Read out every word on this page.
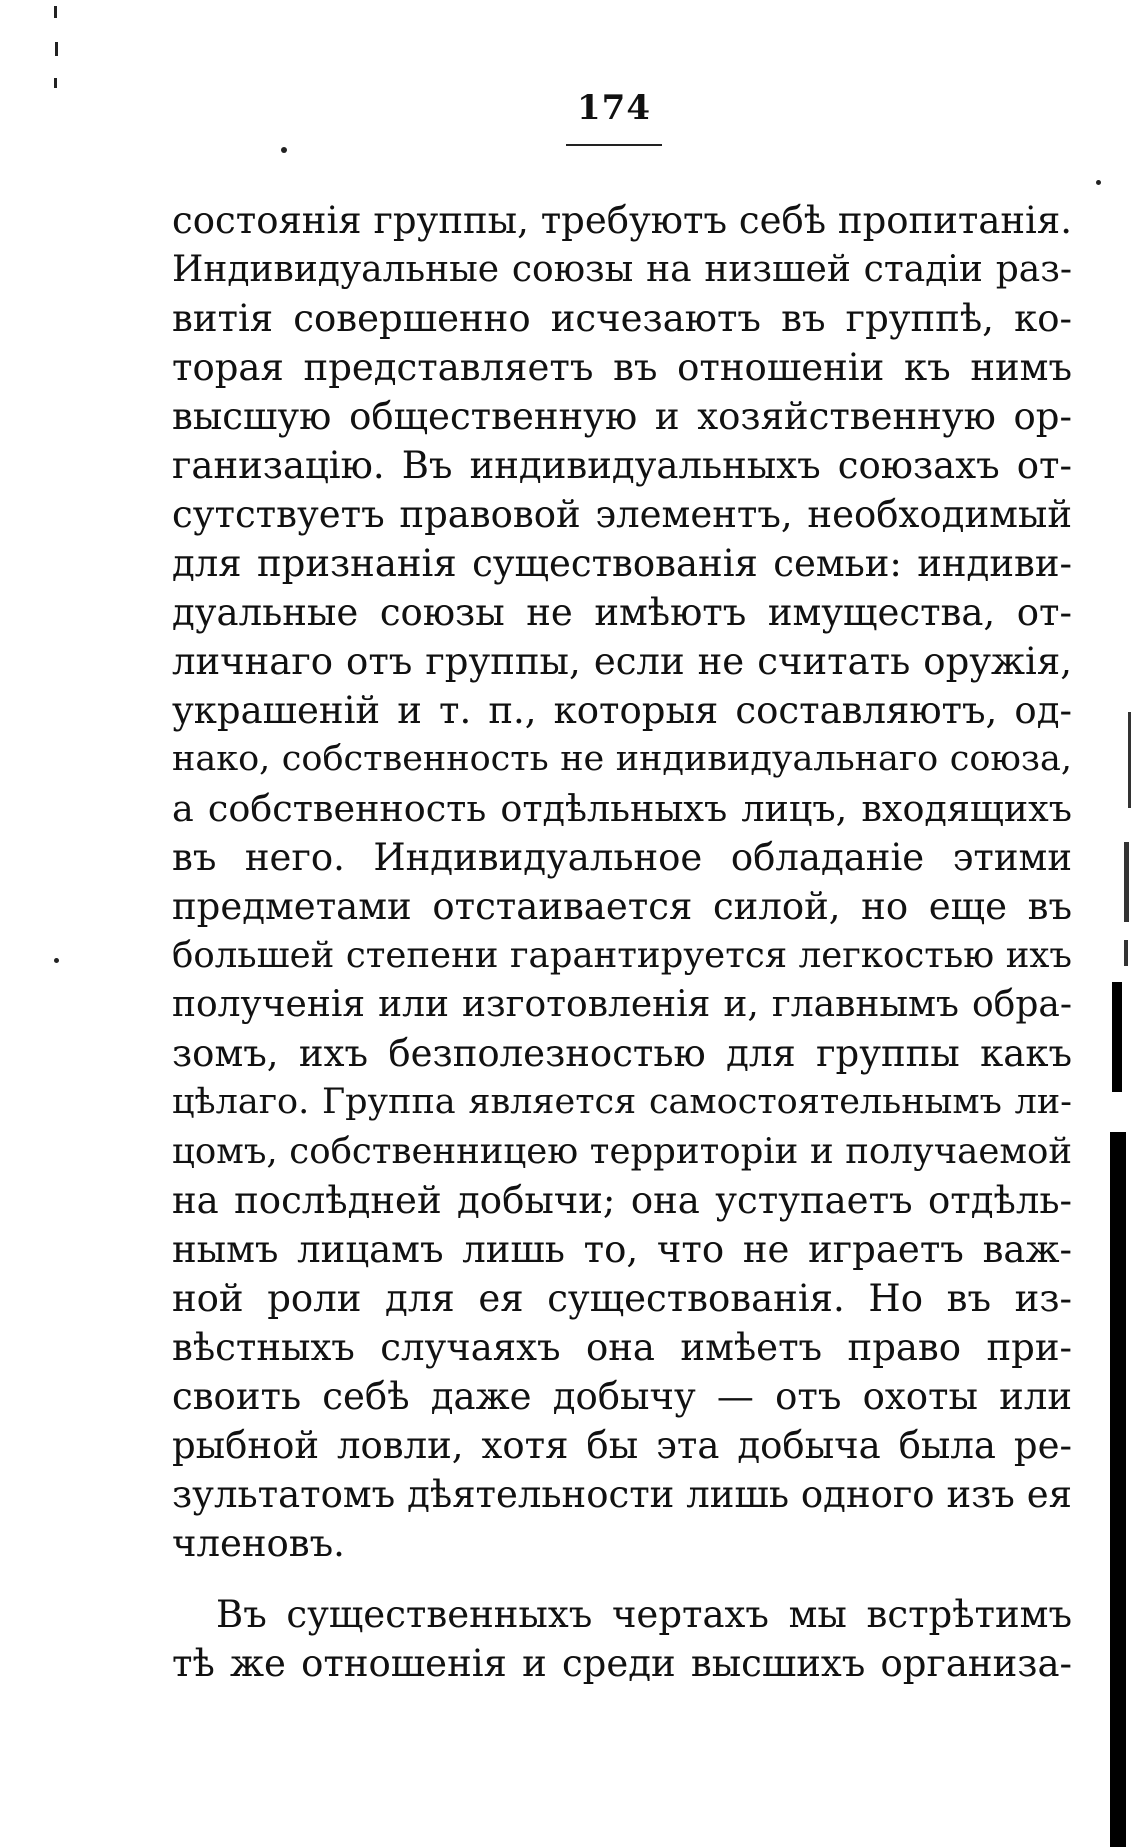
174
состоянія группы, требуютъ себѣ пропитанія.
Индивидуальные союзы на низшей стадіи раз-
витія совершенно исчезаютъ въ группѣ, ко-
торая представляетъ въ отношеніи къ нимъ
высшую общественную и хозяйственную ор-
ганизацію. Въ индивидуальныхъ союзахъ от-
сутствуетъ правовой элементъ, необходимый
для признанія существованія семьи: индиви-
дуальные союзы не имѣютъ имущества, от-
личнаго отъ группы, если не считать оружія,
украшеній и т. п., которыя составляютъ, од-
нако, собственность не индивидуальнаго союза,
а собственность отдѣльныхъ лицъ, входящихъ
въ него. Индивидуальное обладаніе этими
предметами отстаивается силой, но еще въ
большей степени гарантируется легкостью ихъ
полученія или изготовленія и, главнымъ обра-
зомъ, ихъ безполезностью для группы какъ
цѣлаго. Группа является самостоятельнымъ ли-
цомъ, собственницею территоріи и получаемой
на послѣдней добычи; она уступаетъ отдѣль-
нымъ лицамъ лишь то, что не играетъ важ-
ной роли для ея существованія. Но въ из-
вѣстныхъ случаяхъ она имѣетъ право при-
своить себѣ даже добычу — отъ охоты или
рыбной ловли, хотя бы эта добыча была ре-
зультатомъ дѣятельности лишь одного изъ ея
членовъ.
Въ существенныхъ чертахъ мы встрѣтимъ
тѣ же отношенія и среди высшихъ организа-
